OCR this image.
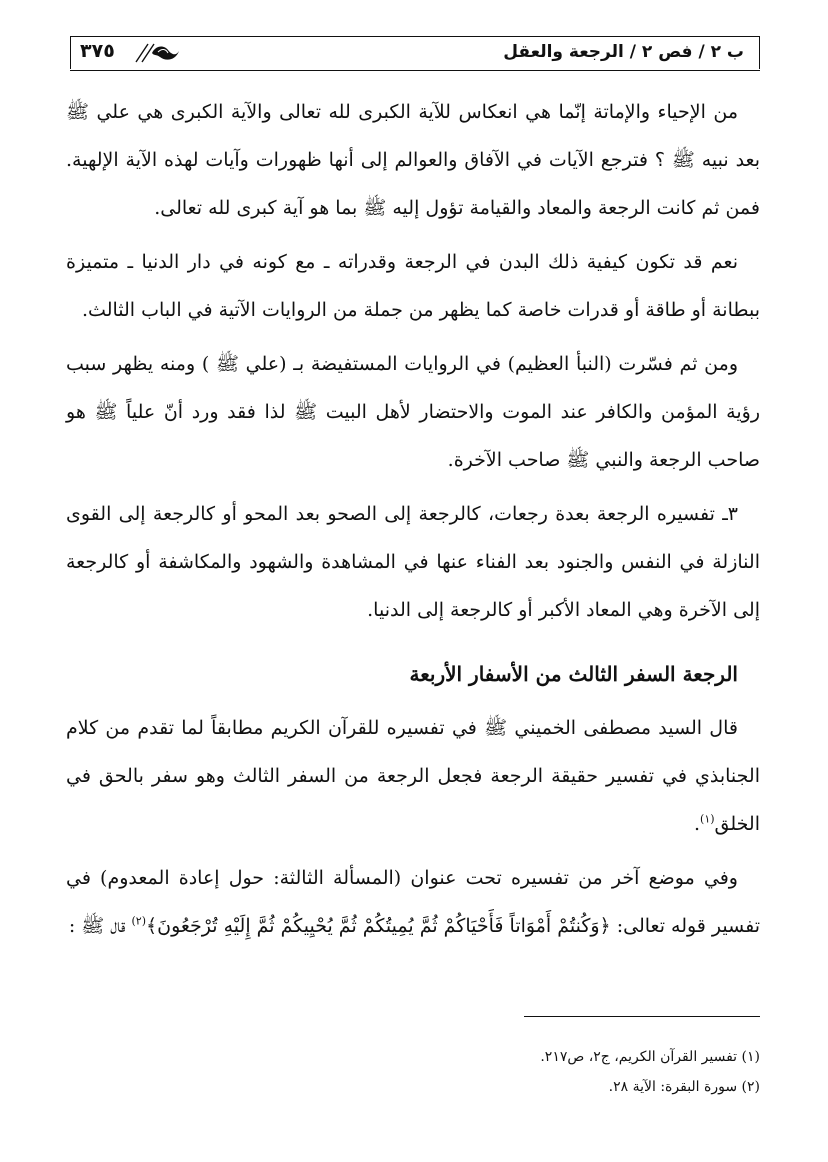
ب ٢ / فص ٢ / الرجعة والعقل
٣٧٥

من الإحياء والإماتة إنّما هي انعكاس للآية الكبرى لله تعالى والآية الكبرى هي علي ﷺ بعد نبيه ﷺ ؟ فترجع الآيات في الآفاق والعوالم إلى أنها ظهورات وآيات لهذه الآية الإلهية. فمن ثم كانت الرجعة والمعاد والقيامة تؤول إليه ﷺ بما هو آية كبرى لله تعالى.

نعم قد تكون كيفية ذلك البدن في الرجعة وقدراته ـ مع كونه في دار الدنيا ـ متميزة ببطانة أو طاقة أو قدرات خاصة كما يظهر من جملة من الروايات الآتية في الباب الثالث.

ومن ثم فسّرت (النبأ العظيم) في الروايات المستفيضة بـ (علي ﷺ ) ومنه يظهر سبب رؤية المؤمن والكافر عند الموت والاحتضار لأهل البيت ﷺ لذا فقد ورد أنّ علياً ﷺ هو صاحب الرجعة والنبي ﷺ صاحب الآخرة.

٣ـ تفسيره الرجعة بعدة رجعات، كالرجعة إلى الصحو بعد المحو أو كالرجعة إلى القوى النازلة في النفس والجنود بعد الفناء عنها في المشاهدة والشهود والمكاشفة أو كالرجعة إلى الآخرة وهي المعاد الأكبر أو كالرجعة إلى الدنيا.

الرجعة السفر الثالث من الأسفار الأربعة

قال السيد مصطفى الخميني ﷺ في تفسيره للقرآن الكريم مطابقاً لما تقدم من كلام الجنابذي في تفسير حقيقة الرجعة فجعل الرجعة من السفر الثالث وهو سفر بالحق في الخلق$^{(١)}$.

وفي موضع آخر من تفسيره تحت عنوان (المسألة الثالثة: حول إعادة المعدوم) في تفسير قوله تعالى: ﴿وَكُنتُمْ أَمْوَاتاً فَأَحْيَاكُمْ ثُمَّ يُمِيتُكُمْ ثُمَّ يُحْيِيكُمْ ثُمَّ إِلَيْهِ تُرْجَعُونَ﴾$^{(٢)}$ قال ﷺ :

(١) تفسير القرآن الكريم، ج٢، ص٢١٧.

(٢) سورة البقرة: الآية ٢٨.
